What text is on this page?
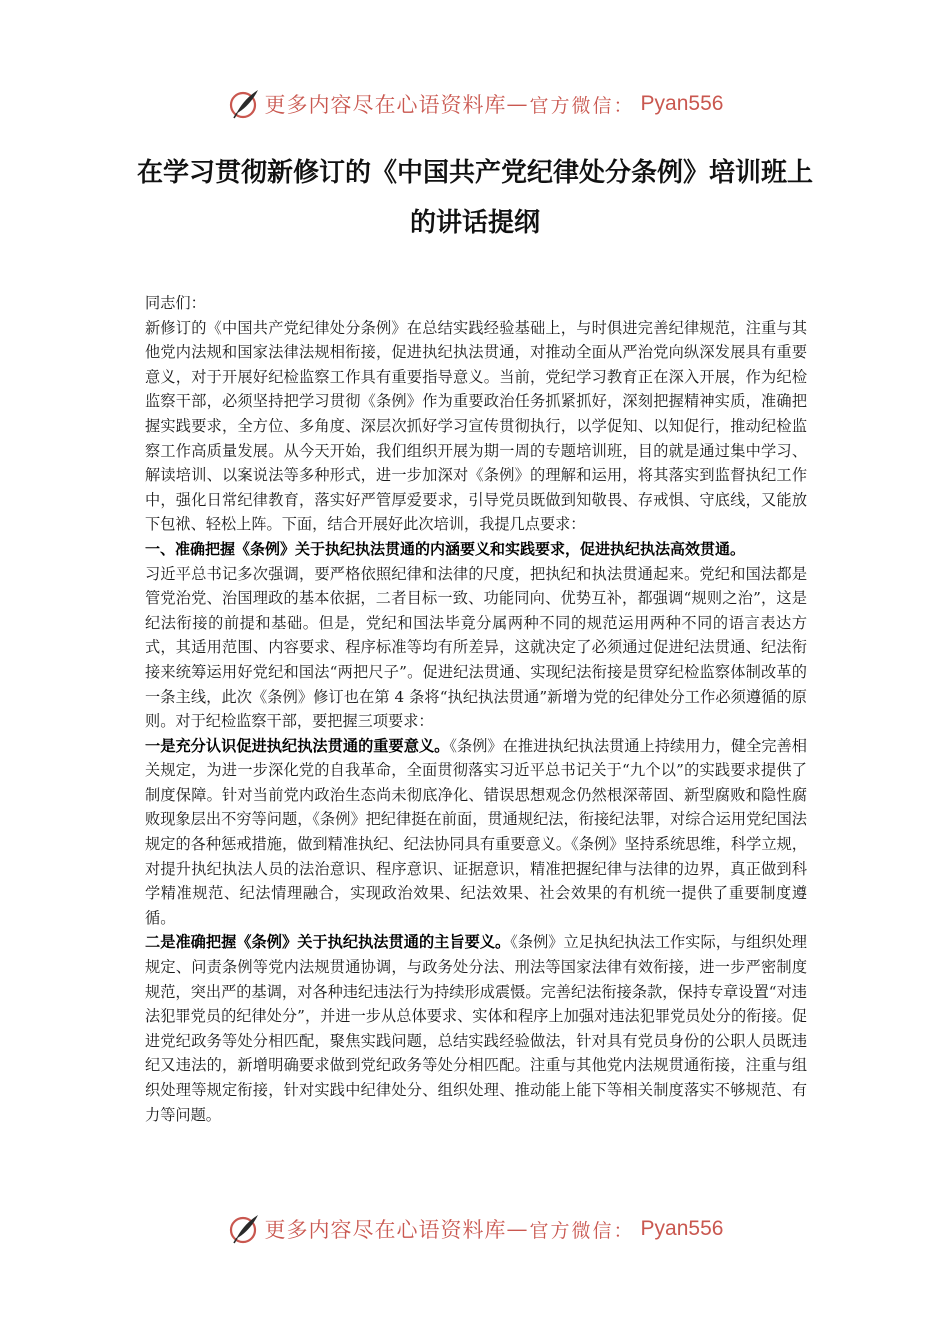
更多内容尽在心语资料库 — 官方微信： Pyan556
在学习贯彻新修订的《中国共产党纪律处分条例》培训班上的讲话提纲

同志们：

新修订的《中国共产党纪律处分条例》在总结实践经验基础上，与时俱进完善纪律规范，注重与其他党内法规和国家法律法规相衔接，促进执纪执法贯通，对推动全面从严治党向纵深发展具有重要意义，对于开展好纪检监察工作具有重要指导意义。当前，党纪学习教育正在深入开展，作为纪检监察干部，必须坚持把学习贯彻《条例》作为重要政治任务抓紧抓好，深刻把握精神实质，准确把握实践要求，全方位、多角度、深层次抓好学习宣传贯彻执行，以学促知、以知促行，推动纪检监察工作高质量发展。从今天开始，我们组织开展为期一周的专题培训班，目的就是通过集中学习、解读培训、以案说法等多种形式，进一步加深对《条例》的理解和运用，将其落实到监督执纪工作中，强化日常纪律教育，落实好严管厚爱要求，引导党员既做到知敬畏、存戒惧、守底线，又能放下包袱、轻松上阵。下面，结合开展好此次培训，我提几点要求：

一、准确把握《条例》关于执纪执法贯通的内涵要义和实践要求，促进执纪执法高效贯通。

习近平总书记多次强调，要严格依照纪律和法律的尺度，把执纪和执法贯通起来。党纪和国法都是管党治党、治国理政的基本依据，二者目标一致、功能同向、优势互补，都强调“规则之治”，这是纪法衔接的前提和基础。但是，党纪和国法毕竟分属两种不同的规范运用两种不同的语言表达方式，其适用范围、内容要求、程序标准等均有所差异，这就决定了必须通过促进纪法贯通、纪法衔接来统筹运用好党纪和国法“两把尺子”。促进纪法贯通、实现纪法衔接是贯穿纪检监察体制改革的一条主线，此次《条例》修订也在第 4 条将“执纪执法贯通”新增为党的纪律处分工作必须遵循的原则。对于纪检监察干部，要把握三项要求：

一是充分认识促进执纪执法贯通的重要意义。《条例》在推进执纪执法贯通上持续用力，健全完善相关规定，为进一步深化党的自我革命，全面贯彻落实习近平总书记关于“九个以”的实践要求提供了制度保障。针对当前党内政治生态尚未彻底净化、错误思想观念仍然根深蒂固、新型腐败和隐性腐败现象层出不穷等问题，《条例》把纪律挺在前面，贯通规纪法，衔接纪法罪，对综合运用党纪国法规定的各种惩戒措施，做到精准执纪、纪法协同具有重要意义。《条例》坚持系统思维，科学立规，对提升执纪执法人员的法治意识、程序意识、证据意识，精准把握纪律与法律的边界，真正做到科学精准规范、纪法情理融合，实现政治效果、纪法效果、社会效果的有机统一提供了重要制度遵循。

二是准确把握《条例》关于执纪执法贯通的主旨要义。《条例》立足执纪执法工作实际，与组织处理规定、问责条例等党内法规贯通协调，与政务处分法、刑法等国家法律有效衔接，进一步严密制度规范，突出严的基调，对各种违纪违法行为持续形成震慑。完善纪法衔接条款，保持专章设置“对违法犯罪党员的纪律处分”，并进一步从总体要求、实体和程序上加强对违法犯罪党员处分的衔接。促进党纪政务等处分相匹配，聚焦实践问题，总结实践经验做法，针对具有党员身份的公职人员既违纪又违法的，新增明确要求做到党纪政务等处分相匹配。注重与其他党内法规贯通衔接，注重与组织处理等规定衔接，针对实践中纪律处分、组织处理、推动能上能下等相关制度落实不够规范、有力等问题。

更多内容尽在心语资料库 — 官方微信： Pyan556
